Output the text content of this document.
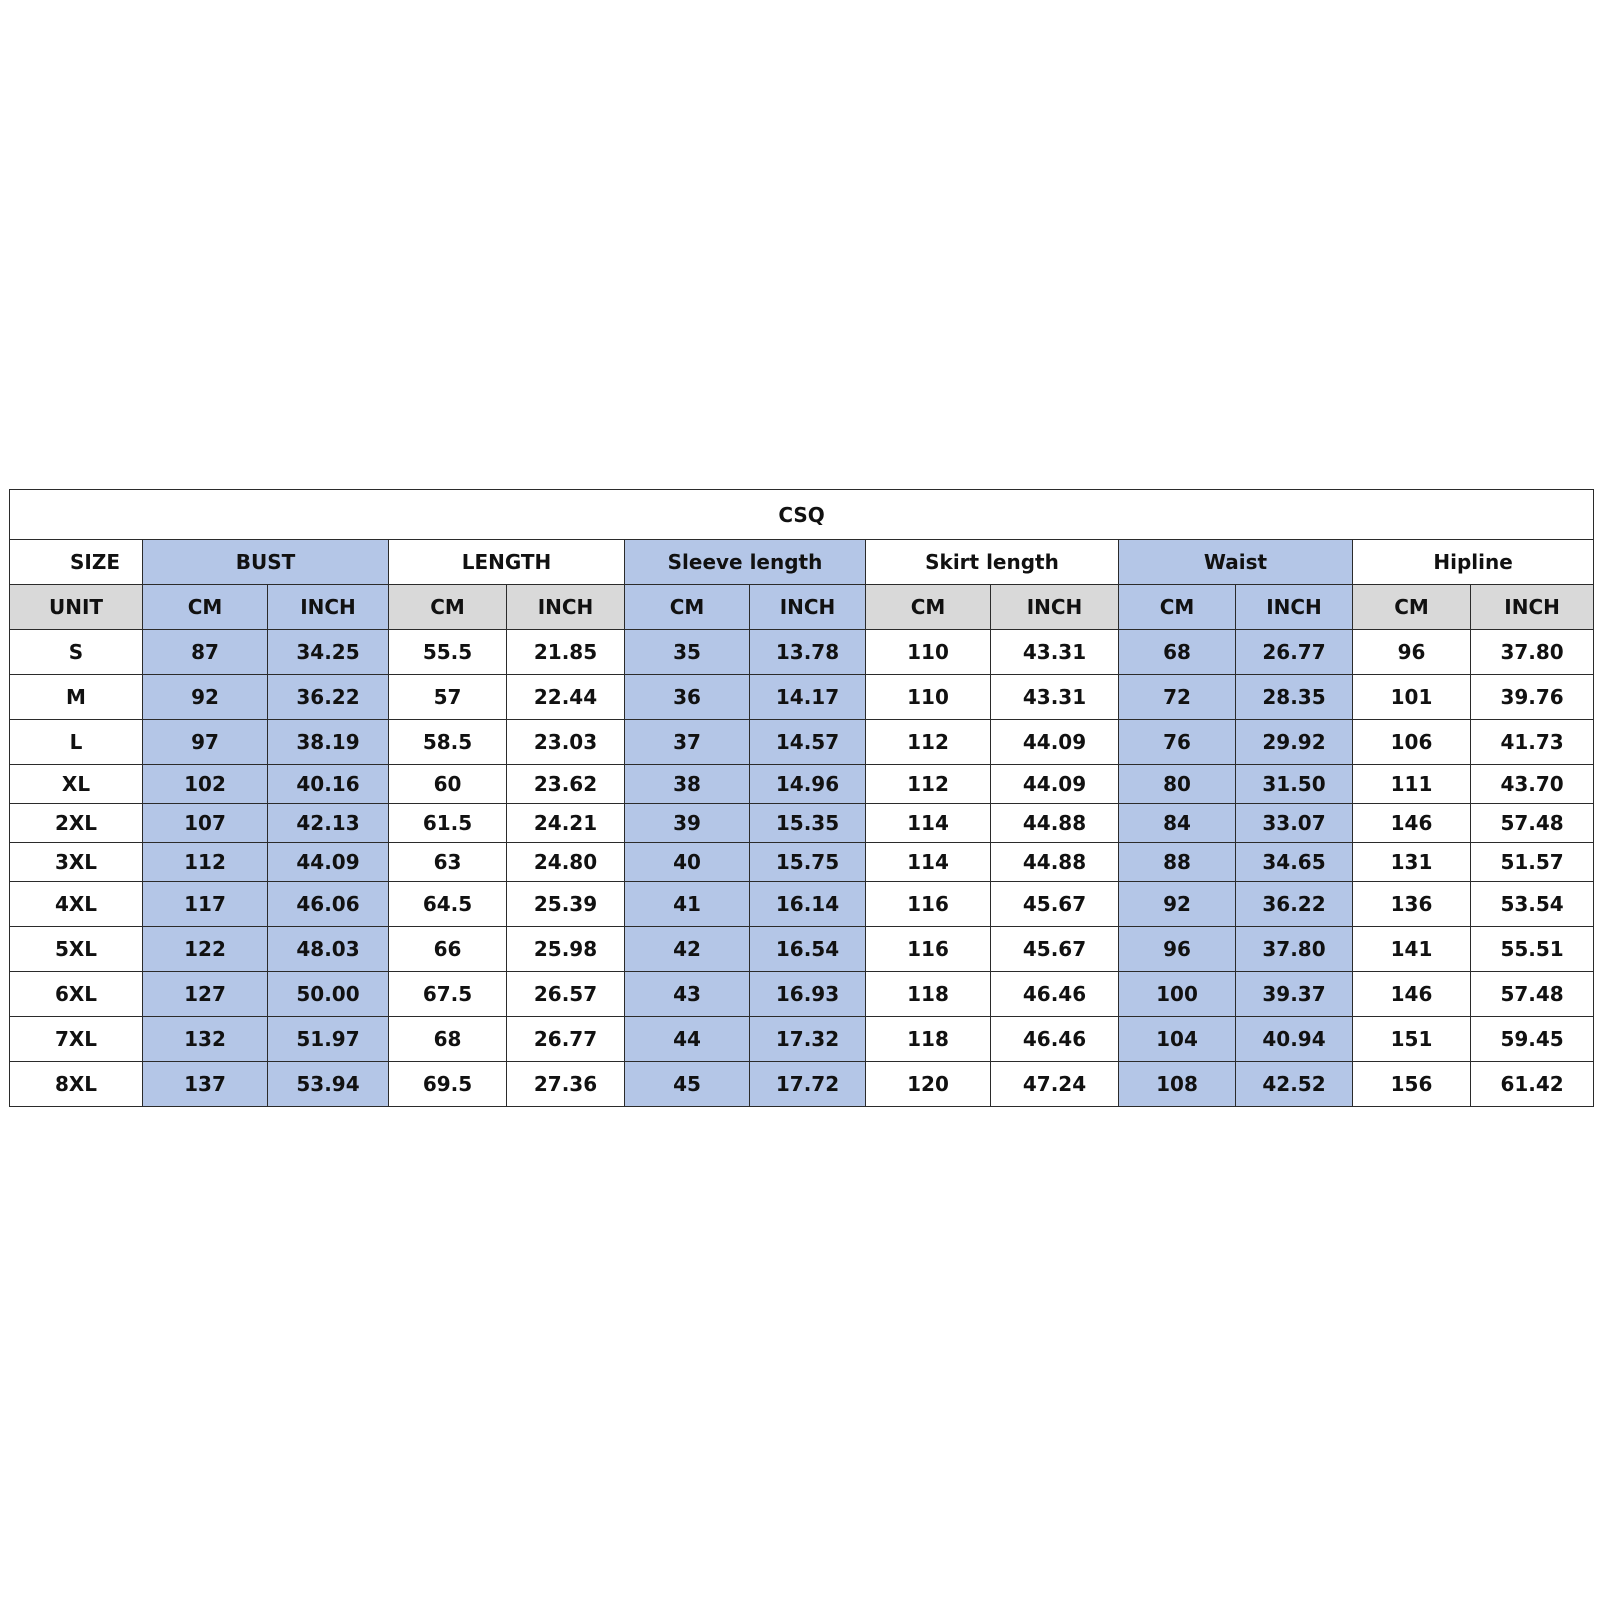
CSQ												
SIZE	BUST		LENGTH		Sleeve length		Skirt length		Waist		Hipline	
UNIT	CM	INCH	CM	INCH	CM	INCH	CM	INCH	CM	INCH	CM	INCH
S	87	34.25	55.5	21.85	35	13.78	110	43.31	68	26.77	96	37.80
M	92	36.22	57	22.44	36	14.17	110	43.31	72	28.35	101	39.76
L	97	38.19	58.5	23.03	37	14.57	112	44.09	76	29.92	106	41.73
XL	102	40.16	60	23.62	38	14.96	112	44.09	80	31.50	111	43.70
2XL	107	42.13	61.5	24.21	39	15.35	114	44.88	84	33.07	146	57.48
3XL	112	44.09	63	24.80	40	15.75	114	44.88	88	34.65	131	51.57
4XL	117	46.06	64.5	25.39	41	16.14	116	45.67	92	36.22	136	53.54
5XL	122	48.03	66	25.98	42	16.54	116	45.67	96	37.80	141	55.51
6XL	127	50.00	67.5	26.57	43	16.93	118	46.46	100	39.37	146	57.48
7XL	132	51.97	68	26.77	44	17.32	118	46.46	104	40.94	151	59.45
8XL	137	53.94	69.5	27.36	45	17.72	120	47.24	108	42.52	156	61.42
